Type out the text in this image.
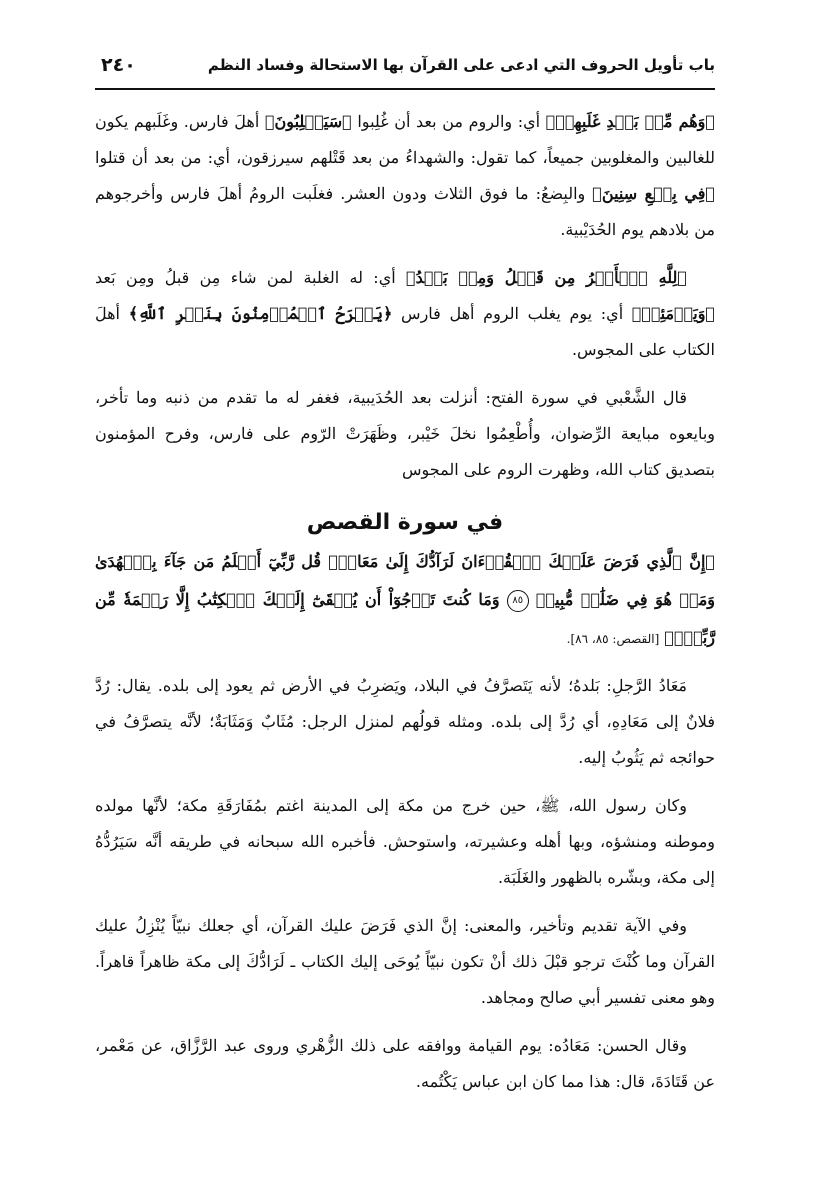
باب تأويل الحروف التي ادعى على القرآن بها الاستحالة وفساد النظم
٢٤٠

﴿وَهُم مِّنۢ بَعۡدِ غَلَبِهِمۡ﴾ أي: والروم من بعد أن غُلِبوا ﴿سَيَغۡلِبُونَ﴾ أهلَ فارس. وغَلَبهم يكون للغالبين والمغلوبين جميعاً، كما تقول: والشهداءُ من بعد قَتْلهم سيرزقون، أي: من بعد أن قتلوا ﴿فِي بِضۡعِ سِنِينَ﴾ والبِضعُ: ما فوق الثلاث ودون العشر. فغلَبت الرومُ أهلَ فارس وأخرجوهم من بلادهم يوم الحُدَيْبية.

﴿لِلَّهِ ٱلۡأَمۡرُ مِن قَبۡلُ وَمِنۢ بَعۡدُ﴾ أي: له الغلبة لمن شاء مِن قبلُ ومِن بَعد ﴿وَيَوۡمَئِذٖ﴾ أي: يوم يغلب الروم أهل فارس ﴿يَفۡرَحُ ٱلۡمُؤۡمِنُونَ بِنَصۡرِ ٱللَّهِ﴾ أهلَ الكتاب على المجوس.

قال الشَّعْبي في سورة الفتح: أنزلت بعد الحُدَيبية، فغفر له ما تقدم من ذنبه وما تأخر، وبايعوه مبايعة الرِّضوان، وأُطْعِمُوا نخلَ خَيْبر، وظَهَرَتْ الرّوم على فارس، وفرح المؤمنون بتصديق كتاب الله، وظهرت الروم على المجوس

في سورة القصص

﴿إِنَّ ٱلَّذِي فَرَضَ عَلَيۡكَ ٱلۡقُرۡءَانَ لَرَآدُّكَ إِلَىٰ مَعَادٖۚ قُل رَّبِّيٓ أَعۡلَمُ مَن جَآءَ بِٱلۡهُدَىٰ وَمَنۡ هُوَ فِي ضَلَٰلٖ مُّبِينٖ ٨٥ وَمَا كُنتَ تَرۡجُوٓاْ أَن يُلۡقَىٰٓ إِلَيۡكَ ٱلۡكِتَٰبُ إِلَّا رَحۡمَةٗ مِّن رَّبِّكَۖ﴾ [القصص: ٨٥، ٨٦].

مَعَادُ الرَّجلِ: بَلدهُ؛ لأنه يَتَصرَّفُ في البلاد، ويَضرِبُ في الأرض ثم يعود إلى بلده. يقال: رُدَّ فلانٌ إلى مَعَادِهِ، أي رُدَّ إلى بلده. ومثله قولُهم لمنزل الرجل: مُثَابٌ وَمَثَابَةٌ؛ لأنَّه يتصرَّفُ في حوائجه ثم يَثُوبُ إليه.

وكان رسول الله، ﷺ، حين خرج من مكة إلى المدينة اغتم بمُفَارَقَةِ مكة؛ لأنَّها مولده وموطنه ومنشؤه، وبها أهله وعشيرته، واستوحش. فأخبره الله سبحانه في طريقه أنَّه سَيَرُدُّهُ إلى مكة، وبشّره بالظهور والغَلَبَة.

وفي الآية تقديم وتأخير، والمعنى: إنَّ الذي فَرَضَ عليك القرآن، أي جعلك نبيّاً يُنْزِلُ عليك القرآن وما كُنْتَ ترجو قبْلَ ذلك أنْ تكون نبيّاً يُوحَى إليك الكتاب ـ لَرَادُّكَ إلى مكة ظاهراً قاهراً. وهو معنى تفسير أبي صالح ومجاهد.

وقال الحسن: مَعَادُه: يوم القيامة ووافقه على ذلك الزُّهْري وروى عبد الرَّزَّاق، عن مَعْمر، عن قَتَادَةَ، قال: هذا مما كان ابن عباس يَكْتُمه.
